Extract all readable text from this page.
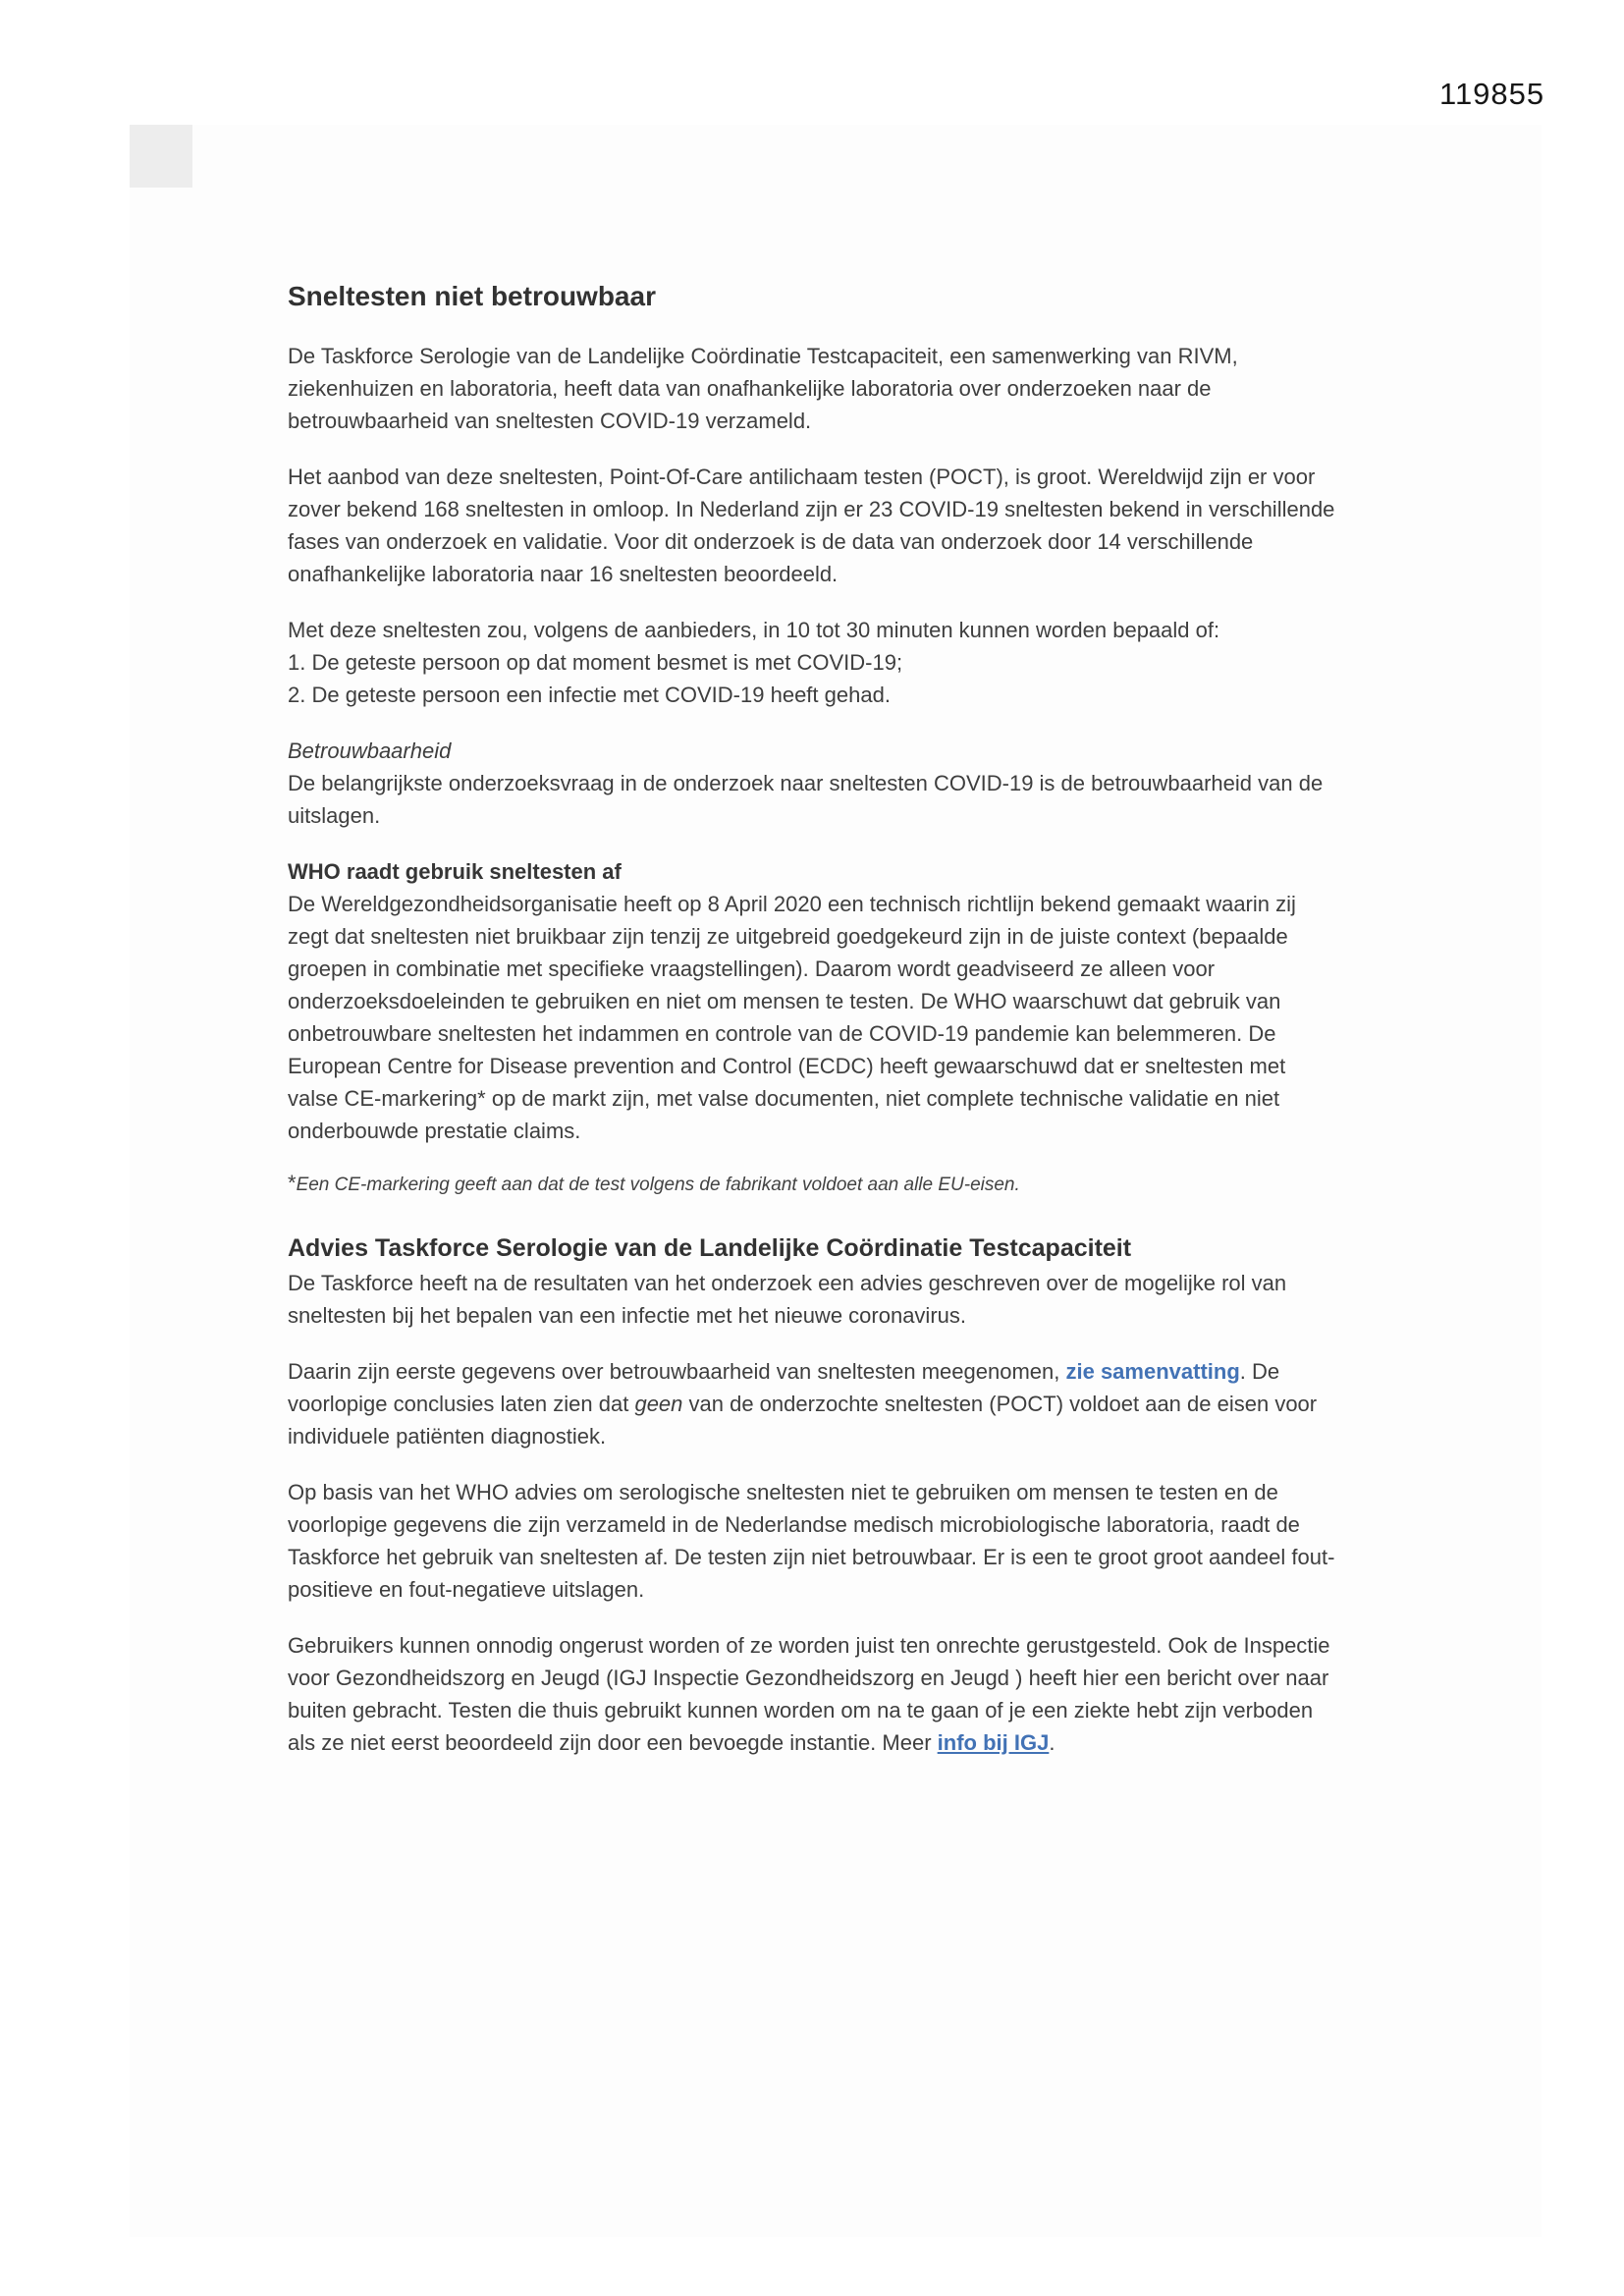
119855
Sneltesten niet betrouwbaar

De Taskforce Serologie van de Landelijke Coördinatie Testcapaciteit, een samenwerking van RIVM, ziekenhuizen en laboratoria, heeft data van onafhankelijke laboratoria over onderzoeken naar de betrouwbaarheid van sneltesten COVID-19 verzameld.

Het aanbod van deze sneltesten, Point-Of-Care antilichaam testen (POCT), is groot. Wereldwijd zijn er voor zover bekend 168 sneltesten in omloop. In Nederland zijn er 23 COVID-19 sneltesten bekend in verschillende fases van onderzoek en validatie. Voor dit onderzoek is de data van onderzoek door 14 verschillende onafhankelijke laboratoria naar 16 sneltesten beoordeeld.

Met deze sneltesten zou, volgens de aanbieders, in 10 tot 30 minuten kunnen worden bepaald of:
1. De geteste persoon op dat moment besmet is met COVID-19;
2. De geteste persoon een infectie met COVID-19 heeft gehad.

Betrouwbaarheid

De belangrijkste onderzoeksvraag in de onderzoek naar sneltesten COVID-19 is de betrouwbaarheid van de uitslagen.

WHO raadt gebruik sneltesten af

De Wereldgezondheidsorganisatie heeft op 8 April 2020 een technisch richtlijn bekend gemaakt waarin zij zegt dat sneltesten niet bruikbaar zijn tenzij ze uitgebreid goedgekeurd zijn in de juiste context (bepaalde groepen in combinatie met specifieke vraagstellingen). Daarom wordt geadviseerd ze alleen voor onderzoeksdoeleinden te gebruiken en niet om mensen te testen. De WHO waarschuwt dat gebruik van onbetrouwbare sneltesten het indammen en controle van de COVID-19 pandemie kan belemmeren. De European Centre for Disease prevention and Control (ECDC) heeft gewaarschuwd dat er sneltesten met valse CE-markering* op de markt zijn, met valse documenten, niet complete technische validatie en niet onderbouwde prestatie claims.

*Een CE-markering geeft aan dat de test volgens de fabrikant voldoet aan alle EU-eisen.

Advies Taskforce Serologie van de Landelijke Coördinatie Testcapaciteit

De Taskforce heeft na de resultaten van het onderzoek een advies geschreven over de mogelijke rol van sneltesten bij het bepalen van een infectie met het nieuwe coronavirus.

Daarin zijn eerste gegevens over betrouwbaarheid van sneltesten meegenomen, zie samenvatting. De voorlopige conclusies laten zien dat geen van de onderzochte sneltesten (POCT) voldoet aan de eisen voor individuele patiënten diagnostiek.

Op basis van het WHO advies om serologische sneltesten niet te gebruiken om mensen te testen en de voorlopige gegevens die zijn verzameld in de Nederlandse medisch microbiologische laboratoria, raadt de Taskforce het gebruik van sneltesten af. De testen zijn niet betrouwbaar. Er is een te groot groot aandeel fout-positieve en fout-negatieve uitslagen.

Gebruikers kunnen onnodig ongerust worden of ze worden juist ten onrechte gerustgesteld. Ook de Inspectie voor Gezondheidszorg en Jeugd (IGJ Inspectie Gezondheidszorg en Jeugd ) heeft hier een bericht over naar buiten gebracht. Testen die thuis gebruikt kunnen worden om na te gaan of je een ziekte hebt zijn verboden als ze niet eerst beoordeeld zijn door een bevoegde instantie. Meer info bij IGJ.
